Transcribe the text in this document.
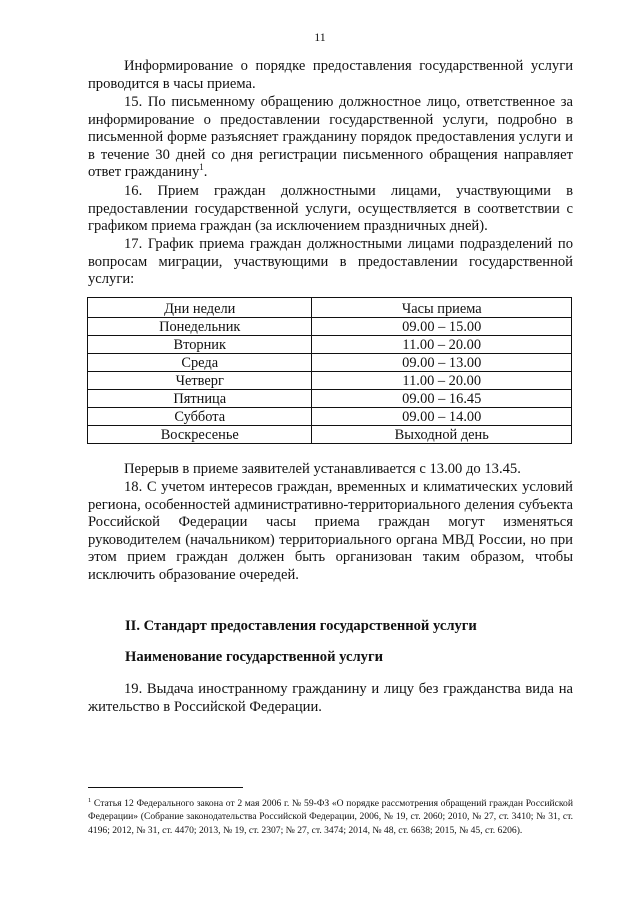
11
Информирование о порядке предоставления государственной услуги проводится в часы приема.
15. По письменному обращению должностное лицо, ответственное за информирование о предоставлении государственной услуги, подробно в письменной форме разъясняет гражданину порядок предоставления услуги и в течение 30 дней со дня регистрации письменного обращения направляет ответ гражданину$^1$.
16. Прием граждан должностными лицами, участвующими в предоставлении государственной услуги, осуществляется в соответствии с графиком приема граждан (за исключением праздничных дней).
17. График приема граждан должностными лицами подразделений по вопросам миграции, участвующими в предоставлении государственной услуги:

Дни недели	Часы приема
Понедельник	09.00 – 15.00
Вторник	11.00 – 20.00
Среда	09.00 – 13.00
Четверг	11.00 – 20.00
Пятница	09.00 – 16.45
Суббота	09.00 – 14.00
Воскресенье	Выходной день
Перерыв в приеме заявителей устанавливается с 13.00 до 13.45.
18. С учетом интересов граждан, временных и климатических условий региона, особенностей административно-территориального деления субъекта Российской Федерации часы приема граждан могут изменяться руководителем (начальником) территориального органа МВД России, но при этом прием граждан должен быть организован таким образом, чтобы исключить образование очередей.
II. Стандарт предоставления государственной услуги
Наименование государственной услуги
19. Выдача иностранному гражданину и лицу без гражданства вида на жительство в Российской Федерации.
$^1$ Статья 12 Федерального закона от 2 мая 2006 г. № 59-ФЗ «О порядке рассмотрения обращений граждан Российской Федерации» (Собрание законодательства Российской Федерации, 2006, № 19, ст. 2060; 2010, № 27, ст. 3410; № 31, ст. 4196; 2012, № 31, ст. 4470; 2013, № 19, ст. 2307; № 27, ст. 3474; 2014, № 48, ст. 6638; 2015, № 45, ст. 6206).
